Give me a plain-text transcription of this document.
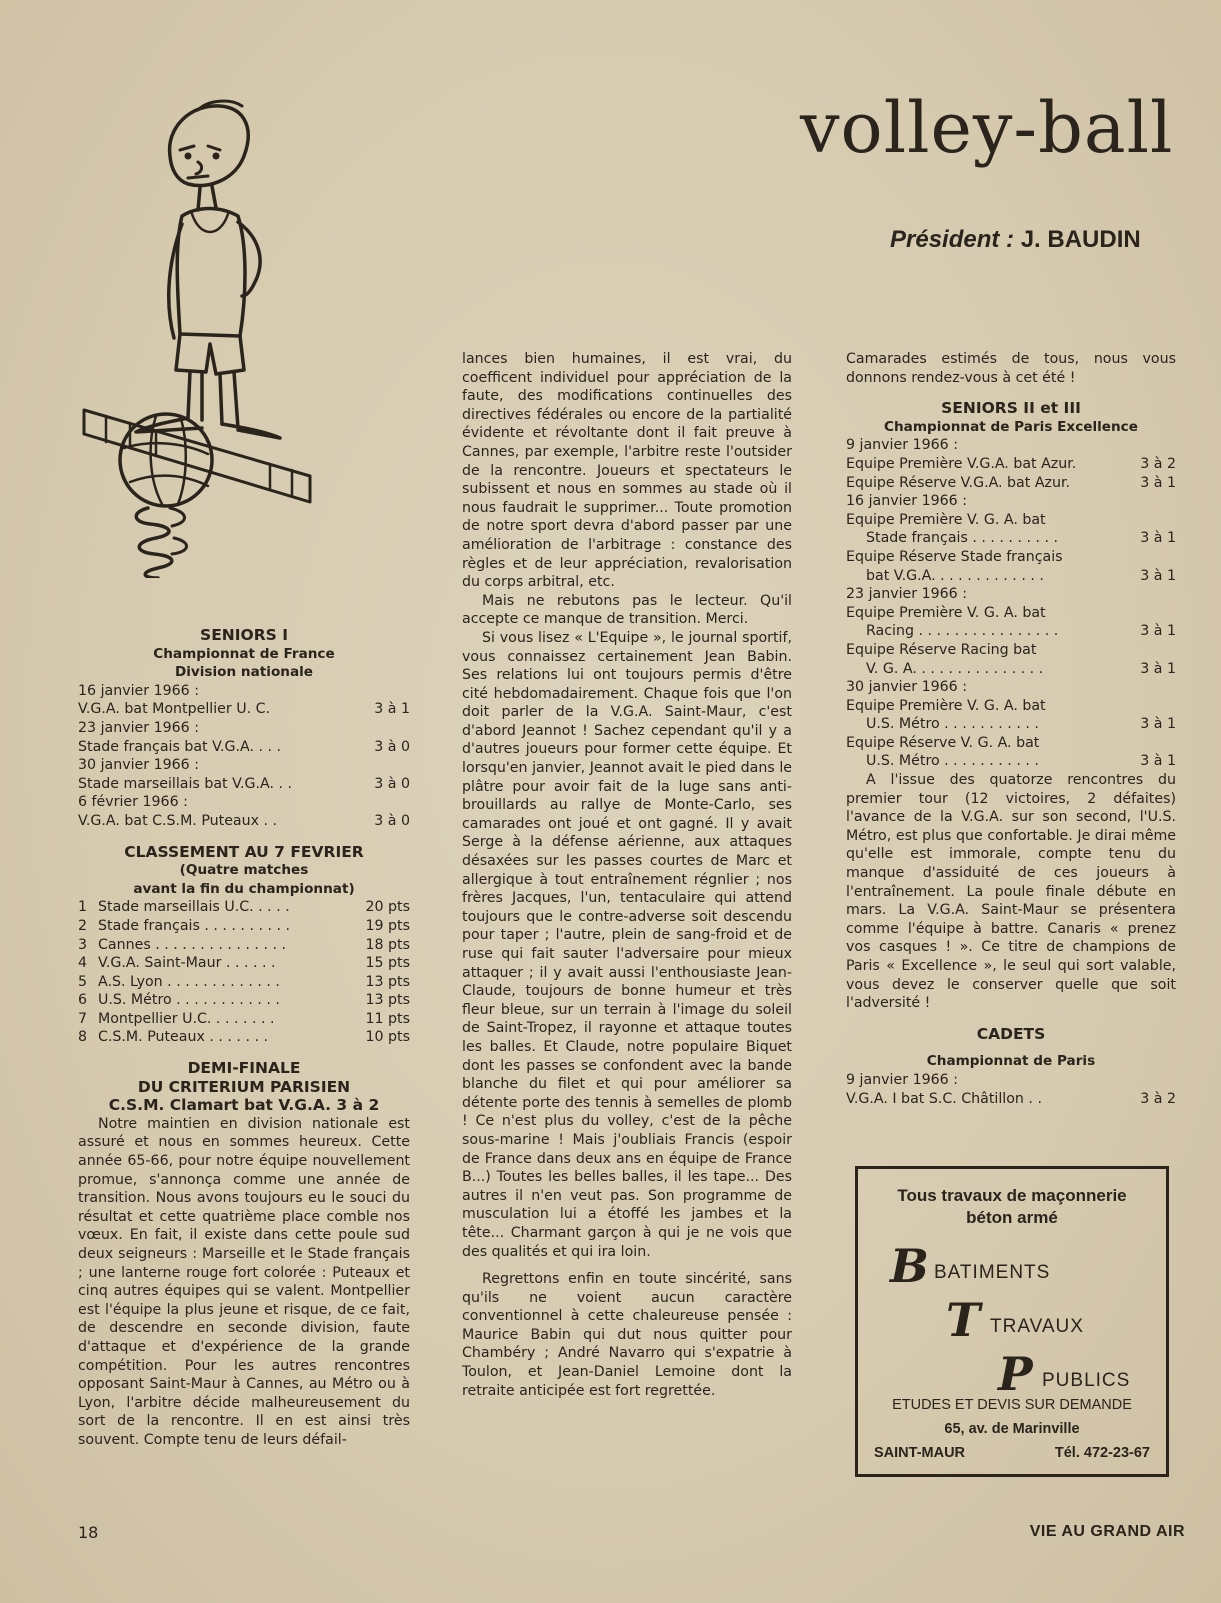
volley-ball
Président : J. BAUDIN
SENIORS I
Championnat de France
Division nationale
16 janvier 1966 :
V.G.A. bat Montpellier U. C.	3 à 1
23 janvier 1966 :
Stade français bat V.G.A. . . .	3 à 0
30 janvier 1966 :
Stade marseillais bat V.G.A. . .	3 à 0
6 février 1966 :
V.G.A. bat C.S.M. Puteaux . .	3 à 0
CLASSEMENT AU 7 FEVRIER
(Quatre matches
avant la fin du championnat)
1 Stade marseillais U.C. . . . .	20 pts
2 Stade français . . . . . . . . . .	19 pts
3 Cannes . . . . . . . . . . . . . . .	18 pts
4 V.G.A. Saint-Maur . . . . . .	15 pts
5 A.S. Lyon . . . . . . . . . . . . .	13 pts
6 U.S. Métro . . . . . . . . . . . .	13 pts
7 Montpellier U.C. . . . . . . .	11 pts
8 C.S.M. Puteaux . . . . . . .	10 pts
DEMI-FINALE
DU CRITERIUM PARISIEN
C.S.M. Clamart bat V.G.A. 3 à 2

Notre maintien en division nationale est assuré et nous en sommes heureux. Cette année 65-66, pour notre équipe nouvellement promue, s'annonça comme une année de transition. Nous avons toujours eu le souci du résultat et cette quatrième place comble nos vœux. En fait, il existe dans cette poule sud deux seigneurs : Marseille et le Stade français ; une lanterne rouge fort colorée : Puteaux et cinq autres équipes qui se valent. Montpellier est l'équipe la plus jeune et risque, de ce fait, de descendre en seconde division, faute d'attaque et d'expérience de la grande compétition. Pour les autres rencontres opposant Saint-Maur à Cannes, au Métro ou à Lyon, l'arbitre décide malheureusement du sort de la rencontre. Il en est ainsi très souvent. Compte tenu de leurs défail-

lances bien humaines, il est vrai, du coefficent individuel pour appréciation de la faute, des modifications continuelles des directives fédérales ou encore de la partialité évidente et révoltante dont il fait preuve à Cannes, par exemple, l'arbitre reste l'outsider de la rencontre. Joueurs et spectateurs le subissent et nous en sommes au stade où il nous faudrait le supprimer... Toute promotion de notre sport devra d'abord passer par une amélioration de l'arbitrage : constance des règles et de leur appréciation, revalorisation du corps arbitral, etc.

Mais ne rebutons pas le lecteur. Qu'il accepte ce manque de transition. Merci.

Si vous lisez « L'Equipe », le journal sportif, vous connaissez certainement Jean Babin. Ses relations lui ont toujours permis d'être cité hebdomadairement. Chaque fois que l'on doit parler de la V.G.A. Saint-Maur, c'est d'abord Jeannot ! Sachez cependant qu'il y a d'autres joueurs pour former cette équipe. Et lorsqu'en janvier, Jeannot avait le pied dans le plâtre pour avoir fait de la luge sans anti-brouillards au rallye de Monte-Carlo, ses camarades ont joué et ont gagné. Il y avait Serge à la défense aérienne, aux attaques désaxées sur les passes courtes de Marc et allergique à tout entraînement régnlier ; nos frères Jacques, l'un, tentaculaire qui attend toujours que le contre-adverse soit descendu pour taper ; l'autre, plein de sang-froid et de ruse qui fait sauter l'adversaire pour mieux attaquer ; il y avait aussi l'enthousiaste Jean-Claude, toujours de bonne humeur et très fleur bleue, sur un terrain à l'image du soleil de Saint-Tropez, il rayonne et attaque toutes les balles. Et Claude, notre populaire Biquet dont les passes se confondent avec la bande blanche du filet et qui pour améliorer sa détente porte des tennis à semelles de plomb ! Ce n'est plus du volley, c'est de la pêche sous-marine ! Mais j'oubliais Francis (espoir de France dans deux ans en équipe de France B...) Toutes les belles balles, il les tape... Des autres il n'en veut pas. Son programme de musculation lui a étoffé les jambes et la tête... Charmant garçon à qui je ne vois que des qualités et qui ira loin.

Regrettons enfin en toute sincérité, sans qu'ils ne voient aucun caractère conventionnel à cette chaleureuse pensée : Maurice Babin qui dut nous quitter pour Chambéry ; André Navarro qui s'expatrie à Toulon, et Jean-Daniel Lemoine dont la retraite anticipée est fort regrettée.

Camarades estimés de tous, nous vous donnons rendez-vous à cet été !

SENIORS II et III
Championnat de Paris Excellence
9 janvier 1966 :
Equipe Première V.G.A. bat Azur.	3 à 2
Equipe Réserve V.G.A. bat Azur.	3 à 1
16 janvier 1966 :
Equipe Première V. G. A. bat
Stade français . . . . . . . . . .	3 à 1
Equipe Réserve Stade français
bat V.G.A. . . . . . . . . . . . .	3 à 1
23 janvier 1966 :
Equipe Première V. G. A. bat
Racing . . . . . . . . . . . . . . . .	3 à 1
Equipe Réserve Racing bat
V. G. A. . . . . . . . . . . . . . .	3 à 1
30 janvier 1966 :
Equipe Première V. G. A. bat
U.S. Métro . . . . . . . . . . .	3 à 1
Equipe Réserve V. G. A. bat
U.S. Métro . . . . . . . . . . .	3 à 1

A l'issue des quatorze rencontres du premier tour (12 victoires, 2 défaites) l'avance de la V.G.A. sur son second, l'U.S. Métro, est plus que confortable. Je dirai même qu'elle est immorale, compte tenu du manque d'assiduité de ces joueurs à l'entraînement. La poule finale débute en mars. La V.G.A. Saint-Maur se présentera comme l'équipe à battre. Canaris « prenez vos casques ! ». Ce titre de champions de Paris « Excellence », le seul qui sort valable, vous devez le conserver quelle que soit l'adversité !

CADETS
Championnat de Paris
9 janvier 1966 :
V.G.A. I bat S.C. Châtillon . .	3 à 2
Tous travaux de maçonnerie
béton armé
B BATIMENTS
T TRAVAUX
P PUBLICS
ETUDES ET DEVIS SUR DEMANDE
65, av. de Marinville
SAINT-MAUR	Tél. 472-23-67
18	VIE AU GRAND AIR
